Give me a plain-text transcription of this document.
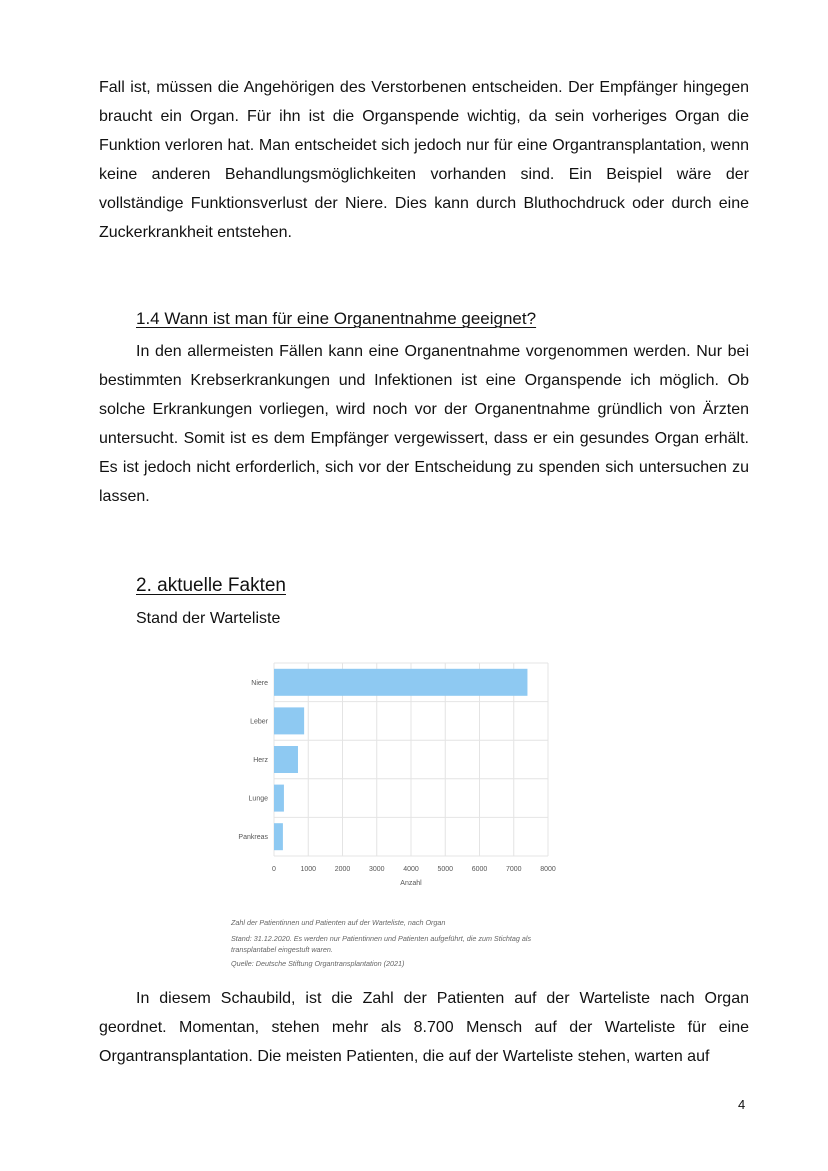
Fall ist, müssen die Angehörigen des Verstorbenen entscheiden. Der Empfänger hingegen braucht ein Organ. Für ihn ist die Organspende wichtig, da sein vorheriges Organ die Funktion verloren hat. Man entscheidet sich jedoch nur für eine Organtransplantation, wenn keine anderen Behandlungsmöglichkeiten vorhanden sind. Ein Beispiel wäre der vollständige Funktionsverlust der Niere. Dies kann durch Bluthochdruck oder durch eine Zuckerkrankheit entstehen.

1.4 Wann ist man für eine Organentnahme geeignet?

In den allermeisten Fällen kann eine Organentnahme vorgenommen werden. Nur bei bestimmten Krebserkrankungen und Infektionen ist eine Organspende ich möglich. Ob solche Erkrankungen vorliegen, wird noch vor der Organentnahme gründlich von Ärzten untersucht. Somit ist es dem Empfänger vergewissert, dass er ein gesundes Organ erhält. Es ist jedoch nicht erforderlich, sich vor der Entscheidung zu spenden sich untersuchen zu lassen.

2. aktuelle Fakten

Stand der Warteliste

Niere
Leber
Herz
Lunge
Pankreas
0	1000	2000	3000	4000	5000	6000	7000	8000
Anzahl

Zahl der Patientinnen und Patienten auf der Warteliste, nach Organ

Stand: 31.12.2020. Es werden nur Patientinnen und Patienten aufgeführt, die zum Stichtag als transplantabel eingestuft waren.

Quelle: Deutsche Stiftung Organtransplantation (2021)

In diesem Schaubild, ist die Zahl der Patienten auf der Warteliste nach Organ geordnet. Momentan, stehen mehr als 8.700 Mensch auf der Warteliste für eine Organtransplantation. Die meisten Patienten, die auf der Warteliste stehen, warten auf

4
